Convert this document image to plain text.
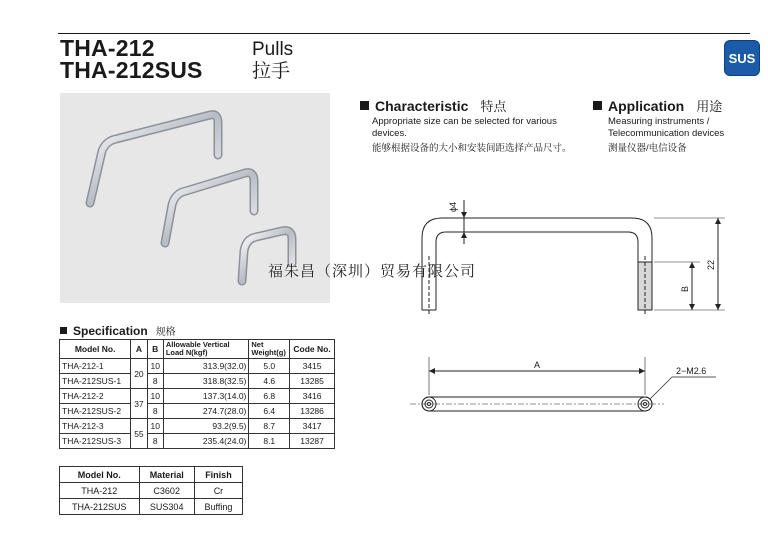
THA-212
THA-212SUS
Pulls
拉手
SUS
Characteristic 特点
Appropriate size can be selected for various devices.
能够根据设备的大小和安装间距选择产品尺寸。
Application 用途
Measuring instruments / Telecommunication devices
测量仪器/电信设备
ϕ4
22
B
福朱昌（深圳）贸易有限公司
A
2−M2.6
Specification 规格
Model No.	A	B	Allowable Vertical Load N(kgf)	Net Weight(g)	Code No.
THA-212-1	20	10	313.9(32.0)	5.0	3415
THA-212SUS-1		8	318.8(32.5)	4.6	13285
THA-212-2	37	10	137.3(14.0)	6.8	3416
THA-212SUS-2		8	274.7(28.0)	6.4	13286
THA-212-3	55	10	93.2(9.5)	8.7	3417
THA-212SUS-3		8	235.4(24.0)	8.1	13287
Model No.	Material	Finish
THA-212	C3602	Cr
THA-212SUS	SUS304	Buffing
